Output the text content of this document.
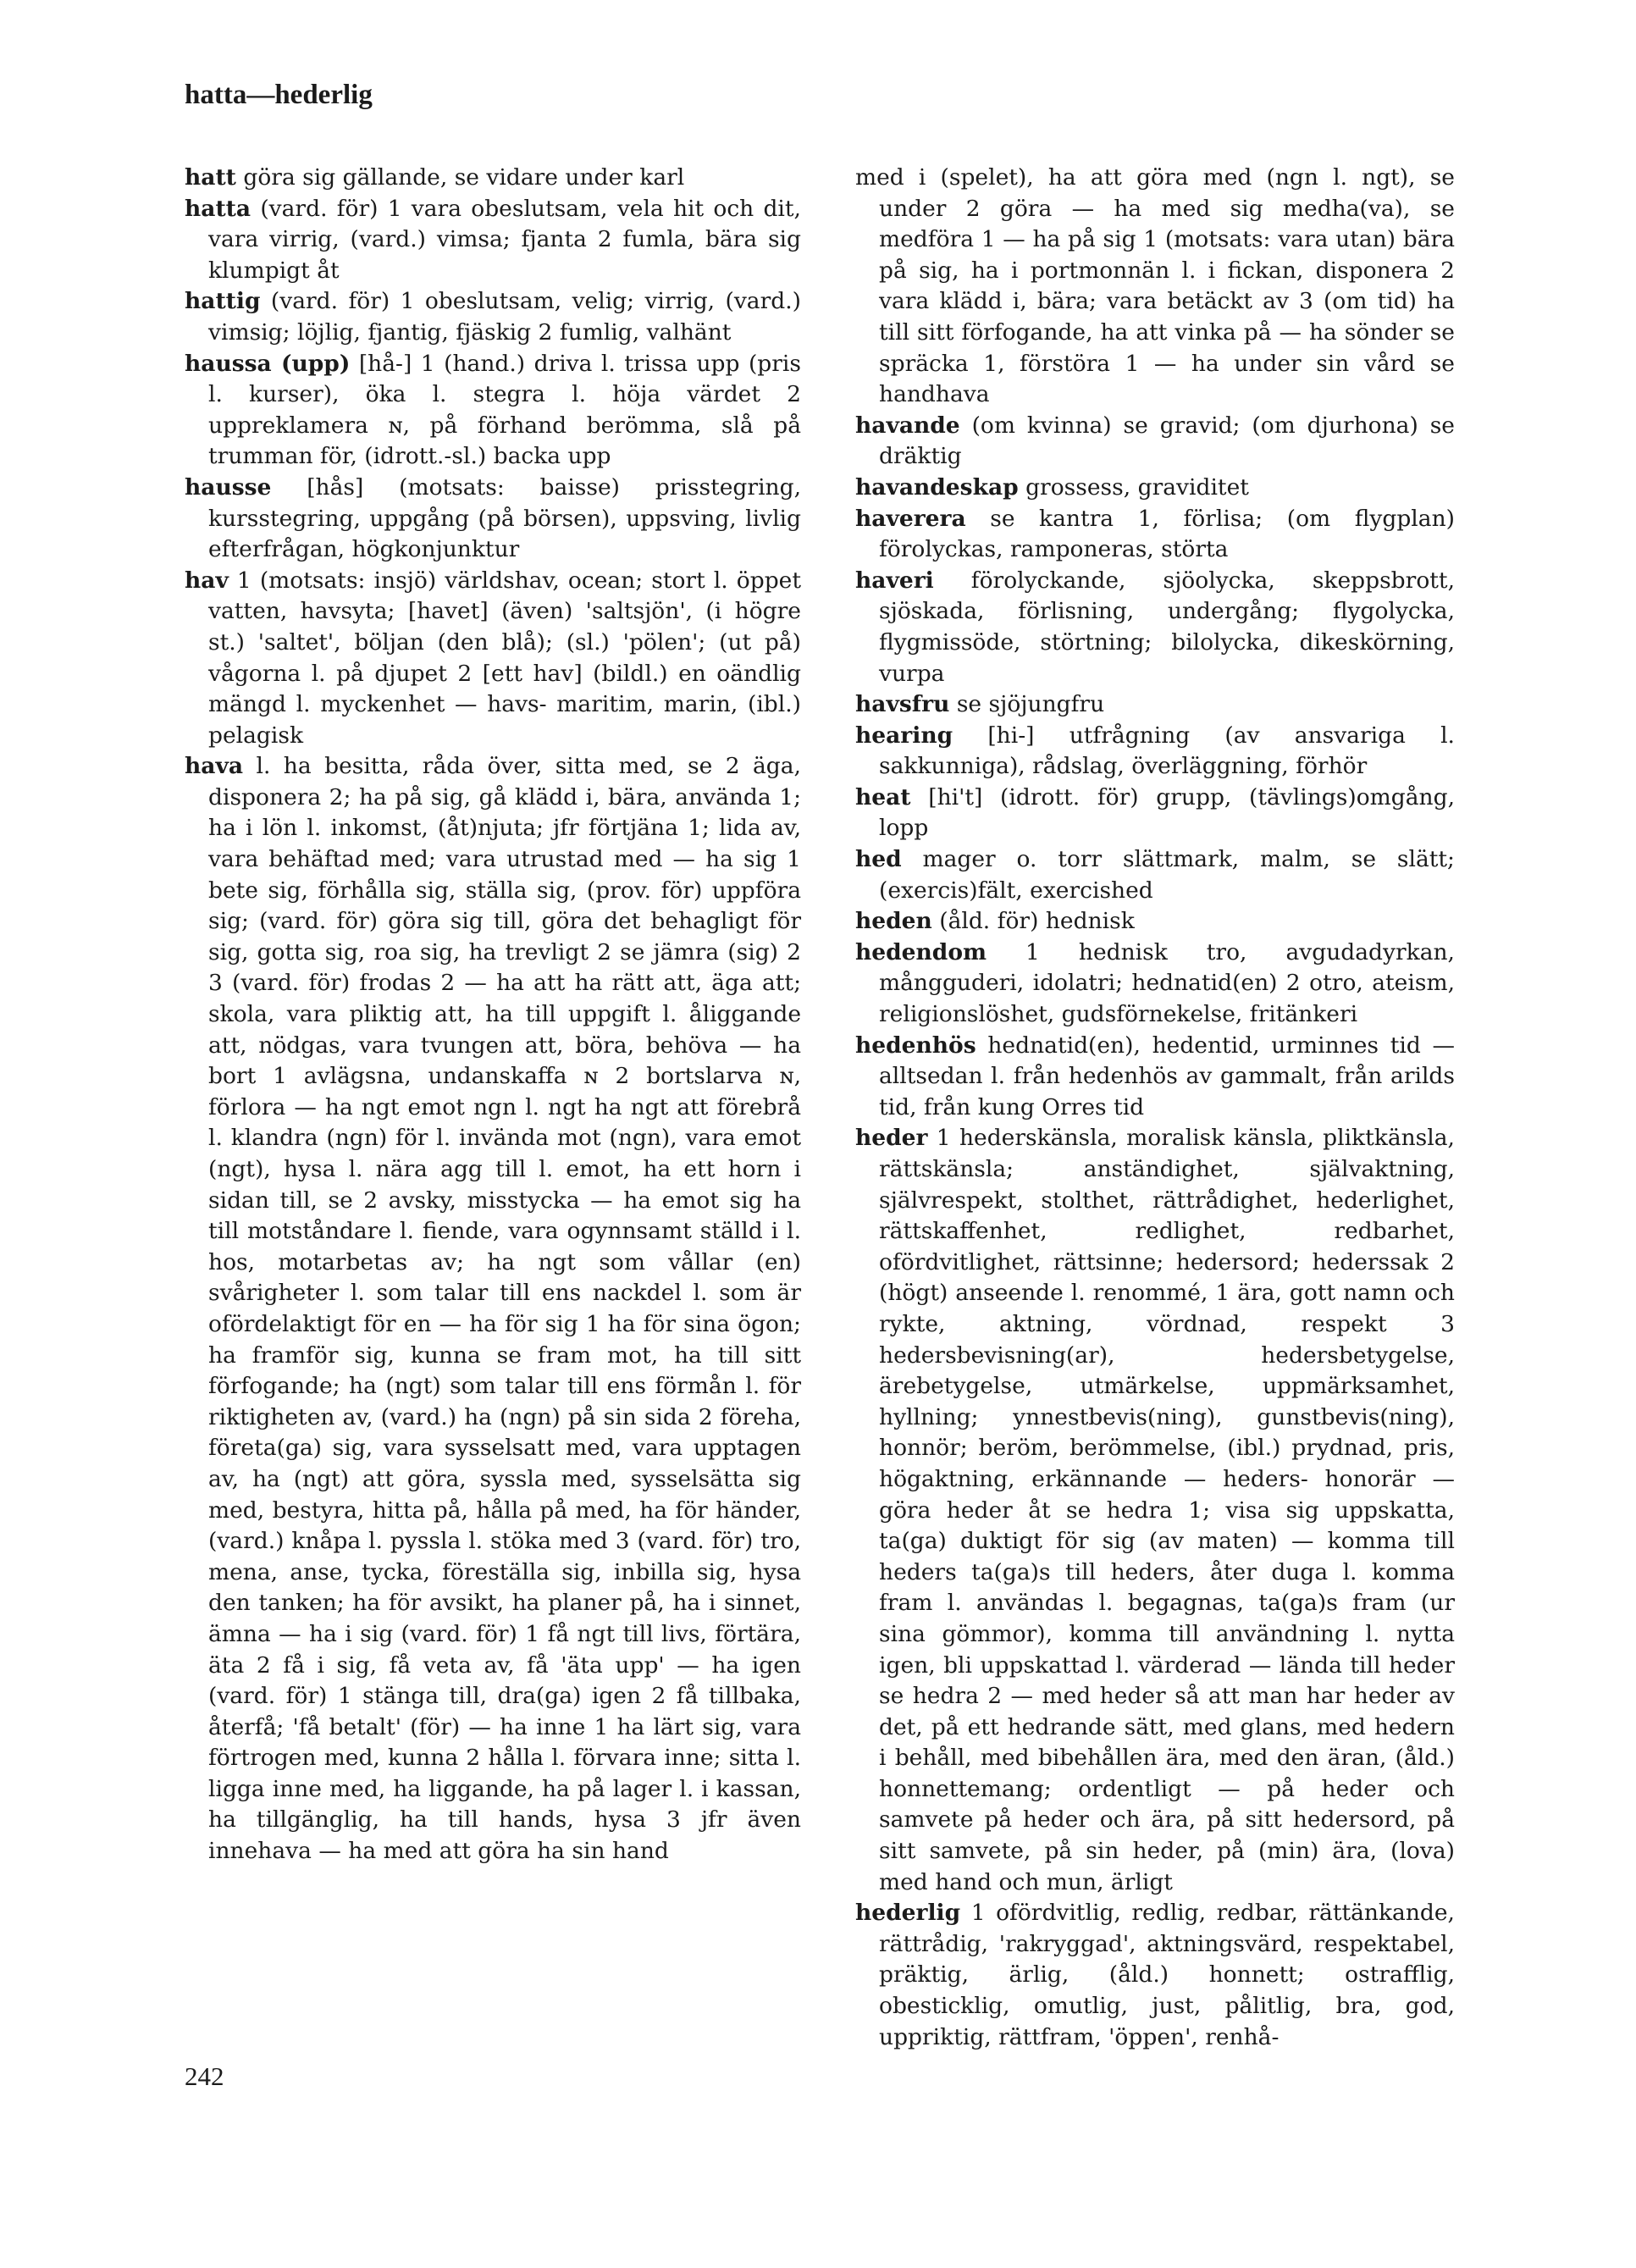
hatta—hederlig

hatt göra sig gällande, se vidare under karl

hatta (vard. för) 1 vara obeslutsam, vela hit och dit, vara virrig, (vard.) vimsa; fjanta 2 fumla, bära sig klumpigt åt

hattig (vard. för) 1 obeslutsam, velig; virrig, (vard.) vimsig; löjlig, fjantig, fjäskig 2 fumlig, valhänt

haussa (upp) [hå-] 1 (hand.) driva l. trissa upp (pris l. kurser), öka l. stegra l. höja värdet 2 uppreklamera ɴ, på förhand berömma, slå på trumman för, (idrott.-sl.) backa upp

hausse [hås] (motsats: baisse) prisstegring, kursstegring, uppgång (på börsen), uppsving, livlig efterfrågan, högkonjunktur

hav 1 (motsats: insjö) världshav, ocean; stort l. öppet vatten, havsyta; [havet] (även) 'saltsjön', (i högre st.) 'saltet', böljan (den blå); (sl.) 'pölen'; (ut på) vågorna l. på djupet 2 [ett hav] (bildl.) en oändlig mängd l. myckenhet — havs- maritim, marin, (ibl.) pelagisk

hava l. ha besitta, råda över, sitta med, se 2 äga, disponera 2; ha på sig, gå klädd i, bära, använda 1; ha i lön l. inkomst, (åt)njuta; jfr förtjäna 1; lida av, vara behäftad med; vara utrustad med — ha sig 1 bete sig, förhålla sig, ställa sig, (prov. för) uppföra sig; (vard. för) göra sig till, göra det behagligt för sig, gotta sig, roa sig, ha trevligt 2 se jämra (sig) 2 3 (vard. för) frodas 2 — ha att ha rätt att, äga att; skola, vara pliktig att, ha till uppgift l. åliggande att, nödgas, vara tvungen att, böra, behöva — ha bort 1 avlägsna, undanskaffa ɴ 2 bortslarva ɴ, förlora — ha ngt emot ngn l. ngt ha ngt att förebrå l. klandra (ngn) för l. invända mot (ngn), vara emot (ngt), hysa l. nära agg till l. emot, ha ett horn i sidan till, se 2 avsky, misstycka — ha emot sig ha till motståndare l. fiende, vara ogynnsamt ställd i l. hos, motarbetas av; ha ngt som vållar (en) svårigheter l. som talar till ens nackdel l. som är ofördelaktigt för en — ha för sig 1 ha för sina ögon; ha framför sig, kunna se fram mot, ha till sitt förfogande; ha (ngt) som talar till ens förmån l. för riktigheten av, (vard.) ha (ngn) på sin sida 2 föreha, företa(ga) sig, vara sysselsatt med, vara upptagen av, ha (ngt) att göra, syssla med, sysselsätta sig med, bestyra, hitta på, hålla på med, ha för händer, (vard.) knåpa l. pyssla l. stöka med 3 (vard. för) tro, mena, anse, tycka, föreställa sig, inbilla sig, hysa den tanken; ha för avsikt, ha planer på, ha i sinnet, ämna — ha i sig (vard. för) 1 få ngt till livs, förtära, äta 2 få i sig, få veta av, få 'äta upp' — ha igen (vard. för) 1 stänga till, dra(ga) igen 2 få tillbaka, återfå; 'få betalt' (för) — ha inne 1 ha lärt sig, vara förtrogen med, kunna 2 hålla l. förvara inne; sitta l. ligga inne med, ha liggande, ha på lager l. i kassan, ha tillgänglig, ha till hands, hysa 3 jfr även innehava — ha med att göra ha sin hand

med i (spelet), ha att göra med (ngn l. ngt), se under 2 göra — ha med sig medha(va), se medföra 1 — ha på sig 1 (motsats: vara utan) bära på sig, ha i portmonnän l. i fickan, disponera 2 vara klädd i, bära; vara betäckt av 3 (om tid) ha till sitt förfogande, ha att vinka på — ha sönder se spräcka 1, förstöra 1 — ha under sin vård se handhava

havande (om kvinna) se gravid; (om djurhona) se dräktig

havandeskap grossess, graviditet

haverera se kantra 1, förlisa; (om flygplan) förolyckas, ramponeras, störta

haveri förolyckande, sjöolycka, skeppsbrott, sjöskada, förlisning, undergång; flygolycka, flygmissöde, störtning; bilolycka, dikeskörning, vurpa

havsfru se sjöjungfru

hearing [hi-] utfrågning (av ansvariga l. sakkunniga), rådslag, överläggning, förhör

heat [hi't] (idrott. för) grupp, (tävlings)omgång, lopp

hed mager o. torr slättmark, malm, se slätt; (exercis)fält, exercished

heden (åld. för) hednisk

hedendom 1 hednisk tro, avgudadyrkan, mångguderi, idolatri; hednatid(en) 2 otro, ateism, religionslöshet, gudsförnekelse, fritänkeri

hedenhös hednatid(en), hedentid, urminnes tid — alltsedan l. från hedenhös av gammalt, från arilds tid, från kung Orres tid

heder 1 hederskänsla, moralisk känsla, pliktkänsla, rättskänsla; anständighet, självaktning, självrespekt, stolthet, rättrådighet, hederlighet, rättskaffenhet, redlighet, redbarhet, ofördvitlighet, rättsinne; hedersord; hederssak 2 (högt) anseende l. renommé, 1 ära, gott namn och rykte, aktning, vördnad, respekt 3 hedersbevisning(ar), hedersbetygelse, ärebetygelse, utmärkelse, uppmärksamhet, hyllning; ynnestbevis(ning), gunstbevis(ning), honnör; beröm, berömmelse, (ibl.) prydnad, pris, högaktning, erkännande — heders- honorär — göra heder åt se hedra 1; visa sig uppskatta, ta(ga) duktigt för sig (av maten) — komma till heders ta(ga)s till heders, åter duga l. komma fram l. användas l. begagnas, ta(ga)s fram (ur sina gömmor), komma till användning l. nytta igen, bli uppskattad l. värderad — lända till heder se hedra 2 — med heder så att man har heder av det, på ett hedrande sätt, med glans, med hedern i behåll, med bibehållen ära, med den äran, (åld.) honnettemang; ordentligt — på heder och samvete på heder och ära, på sitt hedersord, på sitt samvete, på sin heder, på (min) ära, (lova) med hand och mun, ärligt

hederlig 1 ofördvitlig, redlig, redbar, rättänkande, rättrådig, 'rakryggad', aktningsvärd, respektabel, präktig, ärlig, (åld.) honnett; ostrafflig, obesticklig, omutlig, just, pålitlig, bra, god, uppriktig, rättfram, 'öppen', renhå-

242
